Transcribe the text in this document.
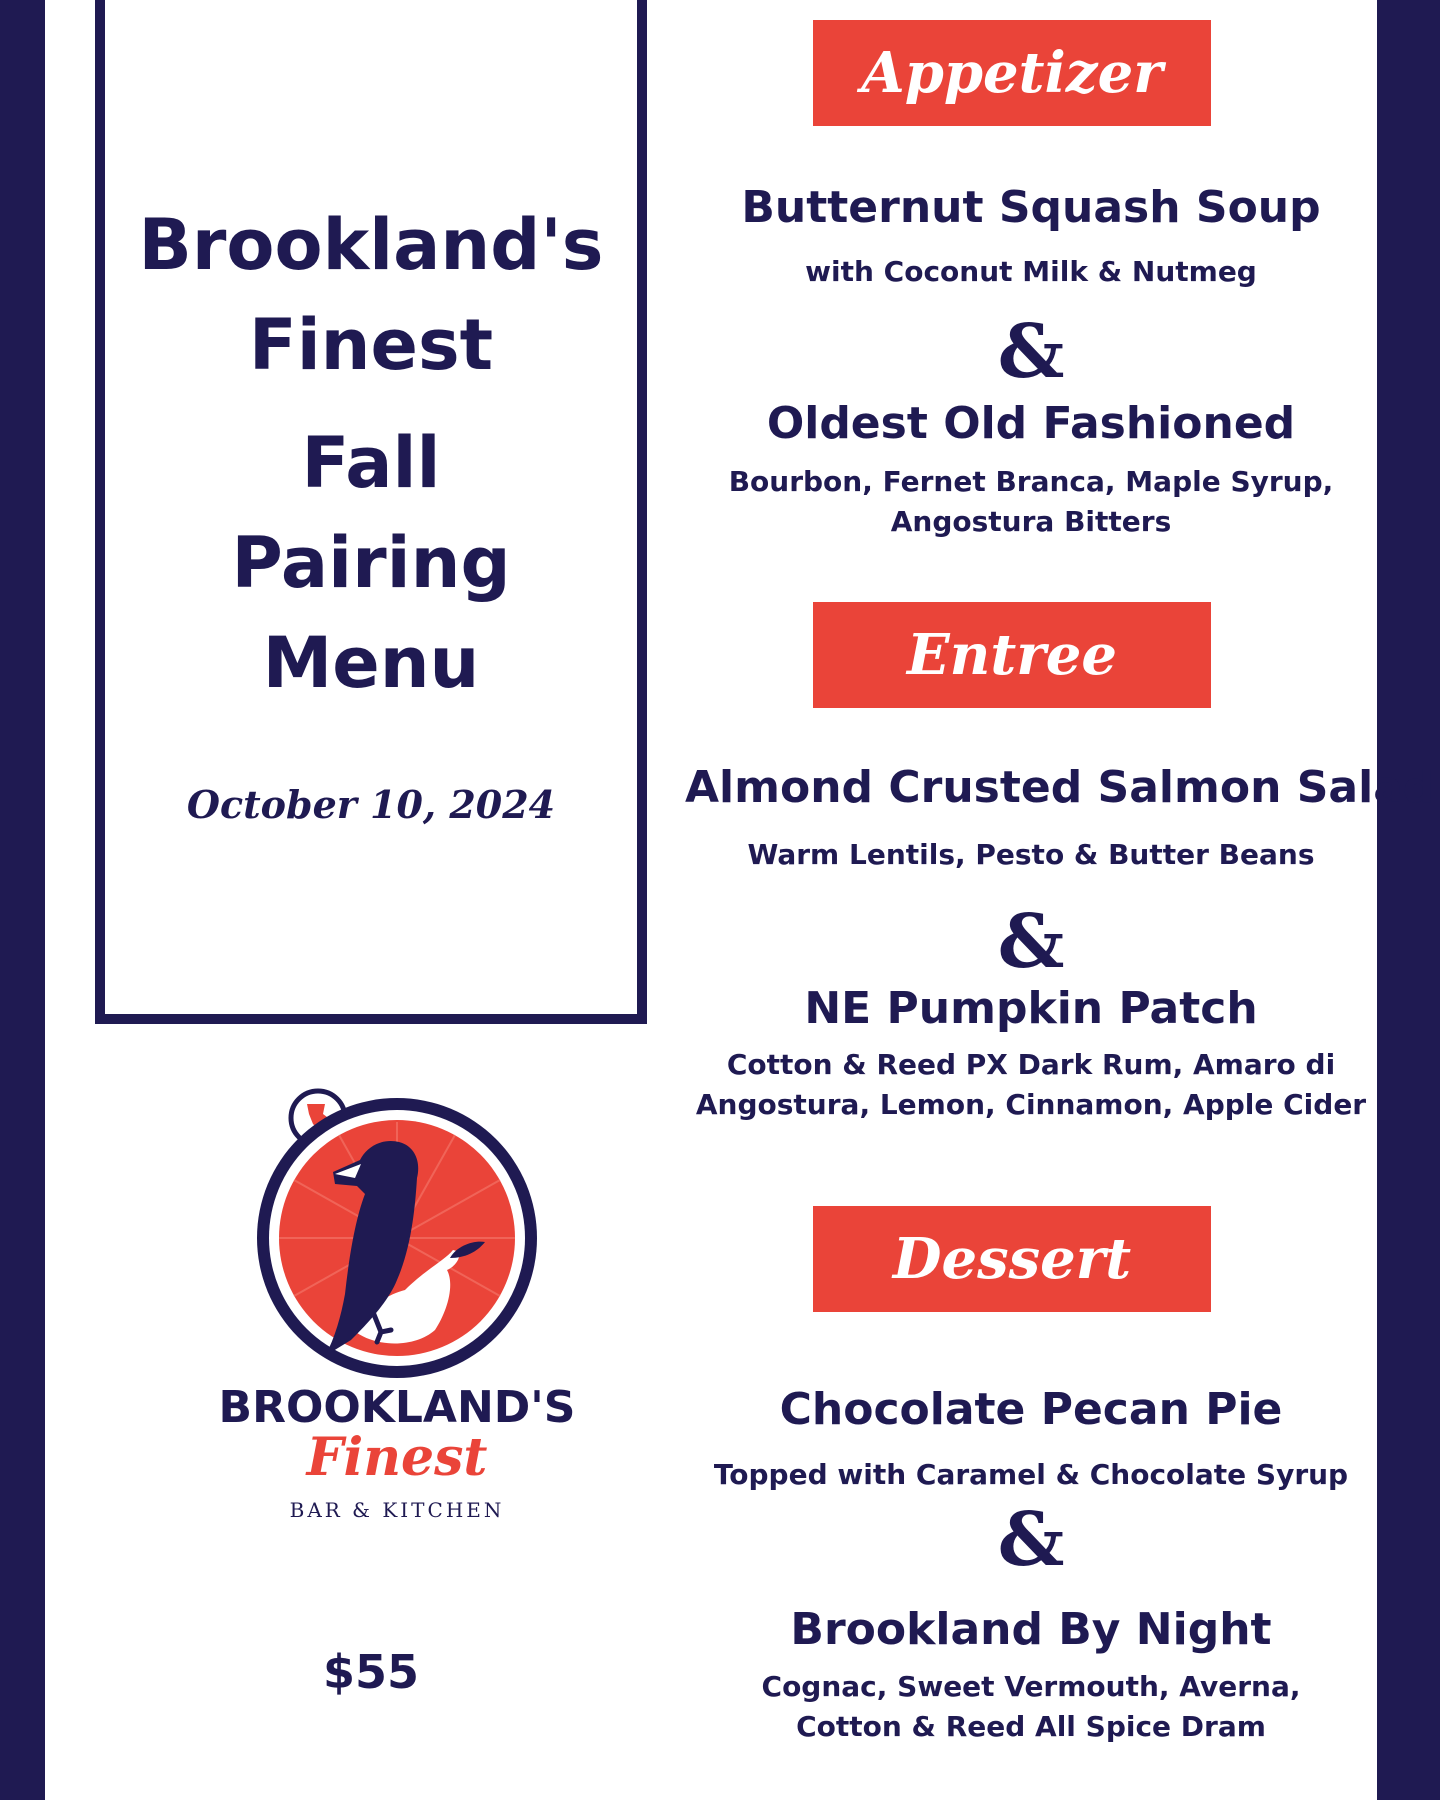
Brookland's
Finest
Fall
Pairing
Menu
October 10, 2024
BROOKLAND'S
Finest
BAR & KITCHEN
$55
Appetizer
Butternut Squash Soup
with Coconut Milk & Nutmeg
&
Oldest Old Fashioned
Bourbon, Fernet Branca, Maple Syrup,
Angostura Bitters
Entree
Almond Crusted Salmon Salad
Warm Lentils, Pesto & Butter Beans
&
NE Pumpkin Patch
Cotton & Reed PX Dark Rum, Amaro di
Angostura, Lemon, Cinnamon, Apple Cider
Dessert
Chocolate Pecan Pie
Topped with Caramel & Chocolate Syrup
&
Brookland By Night
Cognac, Sweet Vermouth, Averna,
Cotton & Reed All Spice Dram
